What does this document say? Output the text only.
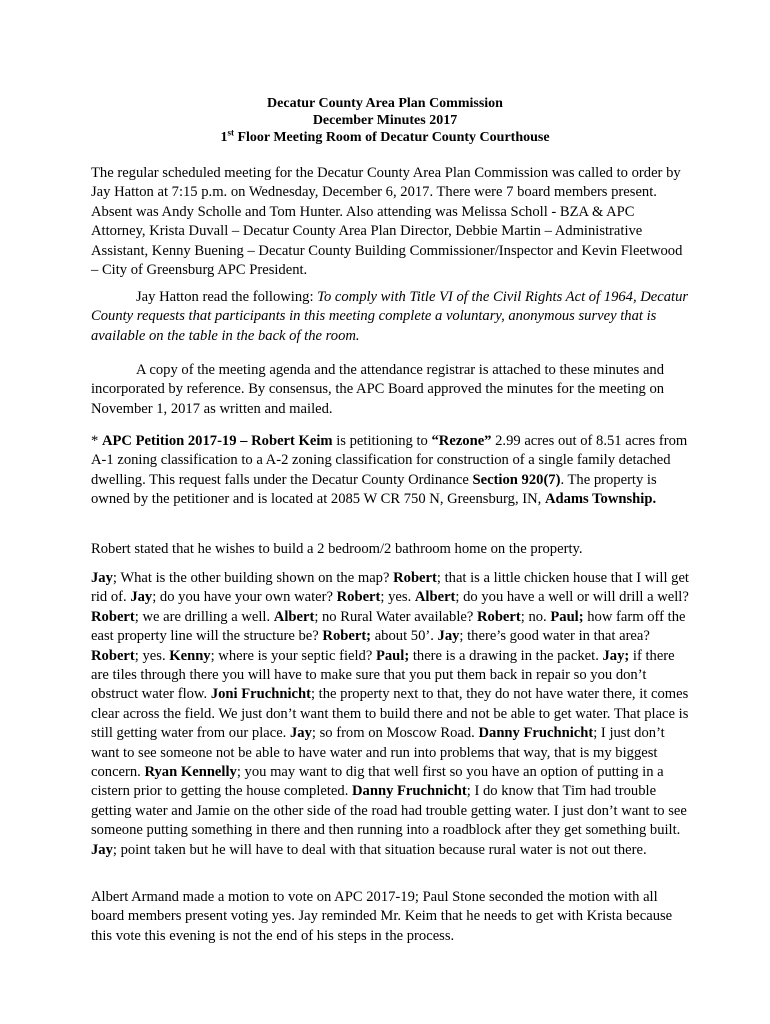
Decatur County Area Plan Commission
December Minutes 2017
1st Floor Meeting Room of Decatur County Courthouse

The regular scheduled meeting for the Decatur County Area Plan Commission was called to order by Jay Hatton at 7:15 p.m. on Wednesday, December 6, 2017. There were 7 board members present. Absent was Andy Scholle and Tom Hunter. Also attending was Melissa Scholl - BZA & APC Attorney, Krista Duvall – Decatur County Area Plan Director, Debbie Martin – Administrative Assistant, Kenny Buening – Decatur County Building Commissioner/Inspector and Kevin Fleetwood – City of Greensburg APC President.

Jay Hatton read the following: To comply with Title VI of the Civil Rights Act of 1964, Decatur County requests that participants in this meeting complete a voluntary, anonymous survey that is available on the table in the back of the room.

A copy of the meeting agenda and the attendance registrar is attached to these minutes and incorporated by reference. By consensus, the APC Board approved the minutes for the meeting on November 1, 2017 as written and mailed.

* APC Petition 2017-19 – Robert Keim is petitioning to “Rezone” 2.99 acres out of 8.51 acres from A-1 zoning classification to a A-2 zoning classification for construction of a single family detached dwelling. This request falls under the Decatur County Ordinance Section 920(7). The property is owned by the petitioner and is located at 2085 W CR 750 N, Greensburg, IN, Adams Township.

Robert stated that he wishes to build a 2 bedroom/2 bathroom home on the property.

Jay; What is the other building shown on the map? Robert; that is a little chicken house that I will get rid of. Jay; do you have your own water? Robert; yes. Albert; do you have a well or will drill a well? Robert; we are drilling a well. Albert; no Rural Water available? Robert; no. Paul; how farm off the east property line will the structure be? Robert; about 50’. Jay; there’s good water in that area? Robert; yes. Kenny; where is your septic field? Paul; there is a drawing in the packet. Jay; if there are tiles through there you will have to make sure that you put them back in repair so you don’t obstruct water flow. Joni Fruchnicht; the property next to that, they do not have water there, it comes clear across the field. We just don’t want them to build there and not be able to get water. That place is still getting water from our place. Jay; so from on Moscow Road. Danny Fruchnicht; I just don’t want to see someone not be able to have water and run into problems that way, that is my biggest concern. Ryan Kennelly; you may want to dig that well first so you have an option of putting in a cistern prior to getting the house completed. Danny Fruchnicht; I do know that Tim had trouble getting water and Jamie on the other side of the road had trouble getting water. I just don’t want to see someone putting something in there and then running into a roadblock after they get something built. Jay; point taken but he will have to deal with that situation because rural water is not out there.

Albert Armand made a motion to vote on APC 2017-19; Paul Stone seconded the motion with all board members present voting yes. Jay reminded Mr. Keim that he needs to get with Krista because this vote this evening is not the end of his steps in the process.
